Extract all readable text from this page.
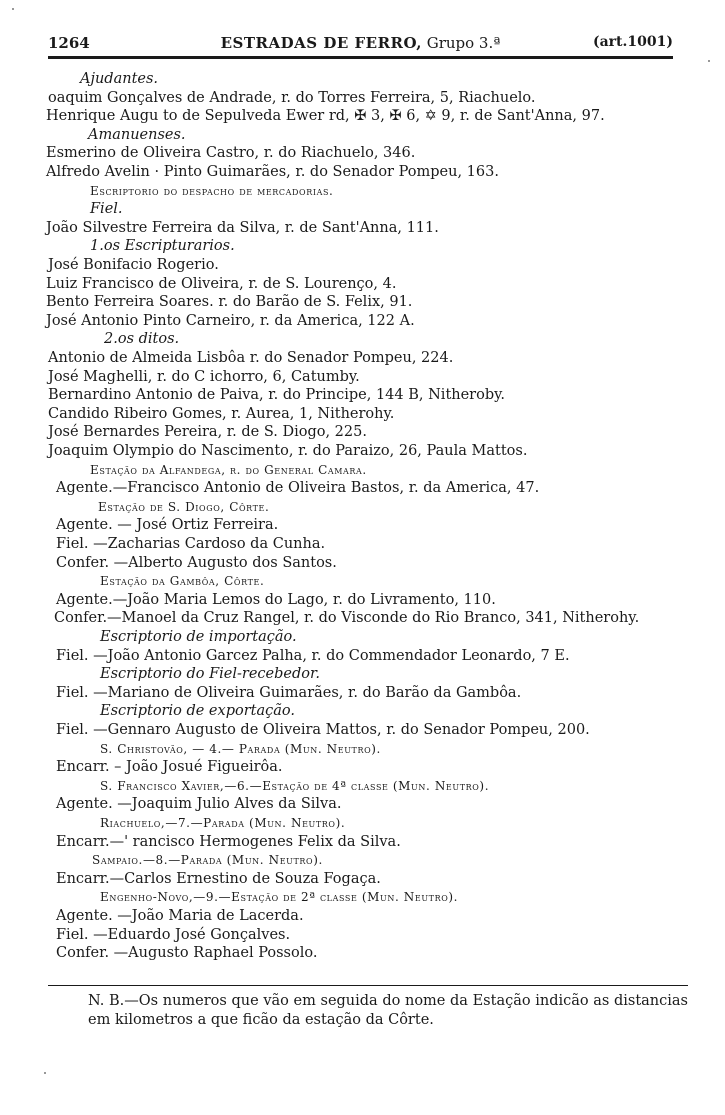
1264	ESTRADAS DE FERRO, Grupo 3.ª	(art.1001)
Ajudantes.
oaquim Gonçalves de Andrade, r. do Torres Ferreira, 5, Riachuelo.
Henrique Augu to de Sepulveda Ewer rd, ✠ 3, ✠ 6, ✡ 9, r. de Sant'Anna, 97.
Amanuenses.
Esmerino de Oliveira Castro, r. do Riachuelo, 346.
Alfredo Avelin · Pinto Guimarães, r. do Senador Pompeu, 163.
Escriptorio do despacho de mercadorias.
Fiel.
João Silvestre Ferreira da Silva, r. de Sant'Anna, 111.
1.os Escripturarios.
José Bonifacio Rogerio.
Luiz Francisco de Oliveira, r. de S. Lourenço, 4.
Bento Ferreira Soares. r. do Barão de S. Felix, 91.
José Antonio Pinto Carneiro, r. da America, 122 A.
2.os ditos.
Antonio de Almeida Lisbôa r. do Senador Pompeu, 224.
José Maghelli, r. do C ichorro, 6, Catumby.
Bernardino Antonio de Paiva, r. do Principe, 144 B, Nitheroby.
Candido Ribeiro Gomes, r. Aurea, 1, Nitherohy.
José Bernardes Pereira, r. de S. Diogo, 225.
Joaquim Olympio do Nascimento, r. do Paraizo, 26, Paula Mattos.
Estação da Alfandega, r. do General Camara.
Agente.—Francisco Antonio de Oliveira Bastos, r. da America, 47.
Estação de S. Diogo, Côrte.
Agente. — José Ortiz Ferreira.
Fiel. —Zacharias Cardoso da Cunha.
Confer. —Alberto Augusto dos Santos.
Estação da Gambôa, Côrte.
Agente.—João Maria Lemos do Lago, r. do Livramento, 110.
Confer.—Manoel da Cruz Rangel, r. do Visconde do Rio Branco, 341, Nitherohy.
Escriptorio de importação.
Fiel. —João Antonio Garcez Palha, r. do Commendador Leonardo, 7 E.
Escriptorio do Fiel-recebedor.
Fiel. —Mariano de Oliveira Guimarães, r. do Barão da Gambôa.
Escriptorio de exportação.
Fiel. —Gennaro Augusto de Oliveira Mattos, r. do Senador Pompeu, 200.
S. Christovão, — 4.— Parada (Mun. Neutro).
Encarr. – João Josué Figueirôa.
S. Francisco Xavier,—6.—Estação de 4ª classe (Mun. Neutro).
Agente. —Joaquim Julio Alves da Silva.
Riachuelo,—7.—Parada (Mun. Neutro).
Encarr.—' rancisco Hermogenes Felix da Silva.
Sampaio.—8.—Parada (Mun. Neutro).
Encarr.—Carlos Ernestino de Souza Fogaça.
Engenho-Novo,—9.—Estação de 2ª classe (Mun. Neutro).
Agente. —João Maria de Lacerda.
Fiel. —Eduardo José Gonçalves.
Confer. —Augusto Raphael Possolo.
N. B.—Os numeros que vão em seguida do nome da Estação indicão as distancias em kilometros a que ficão da estação da Côrte.
